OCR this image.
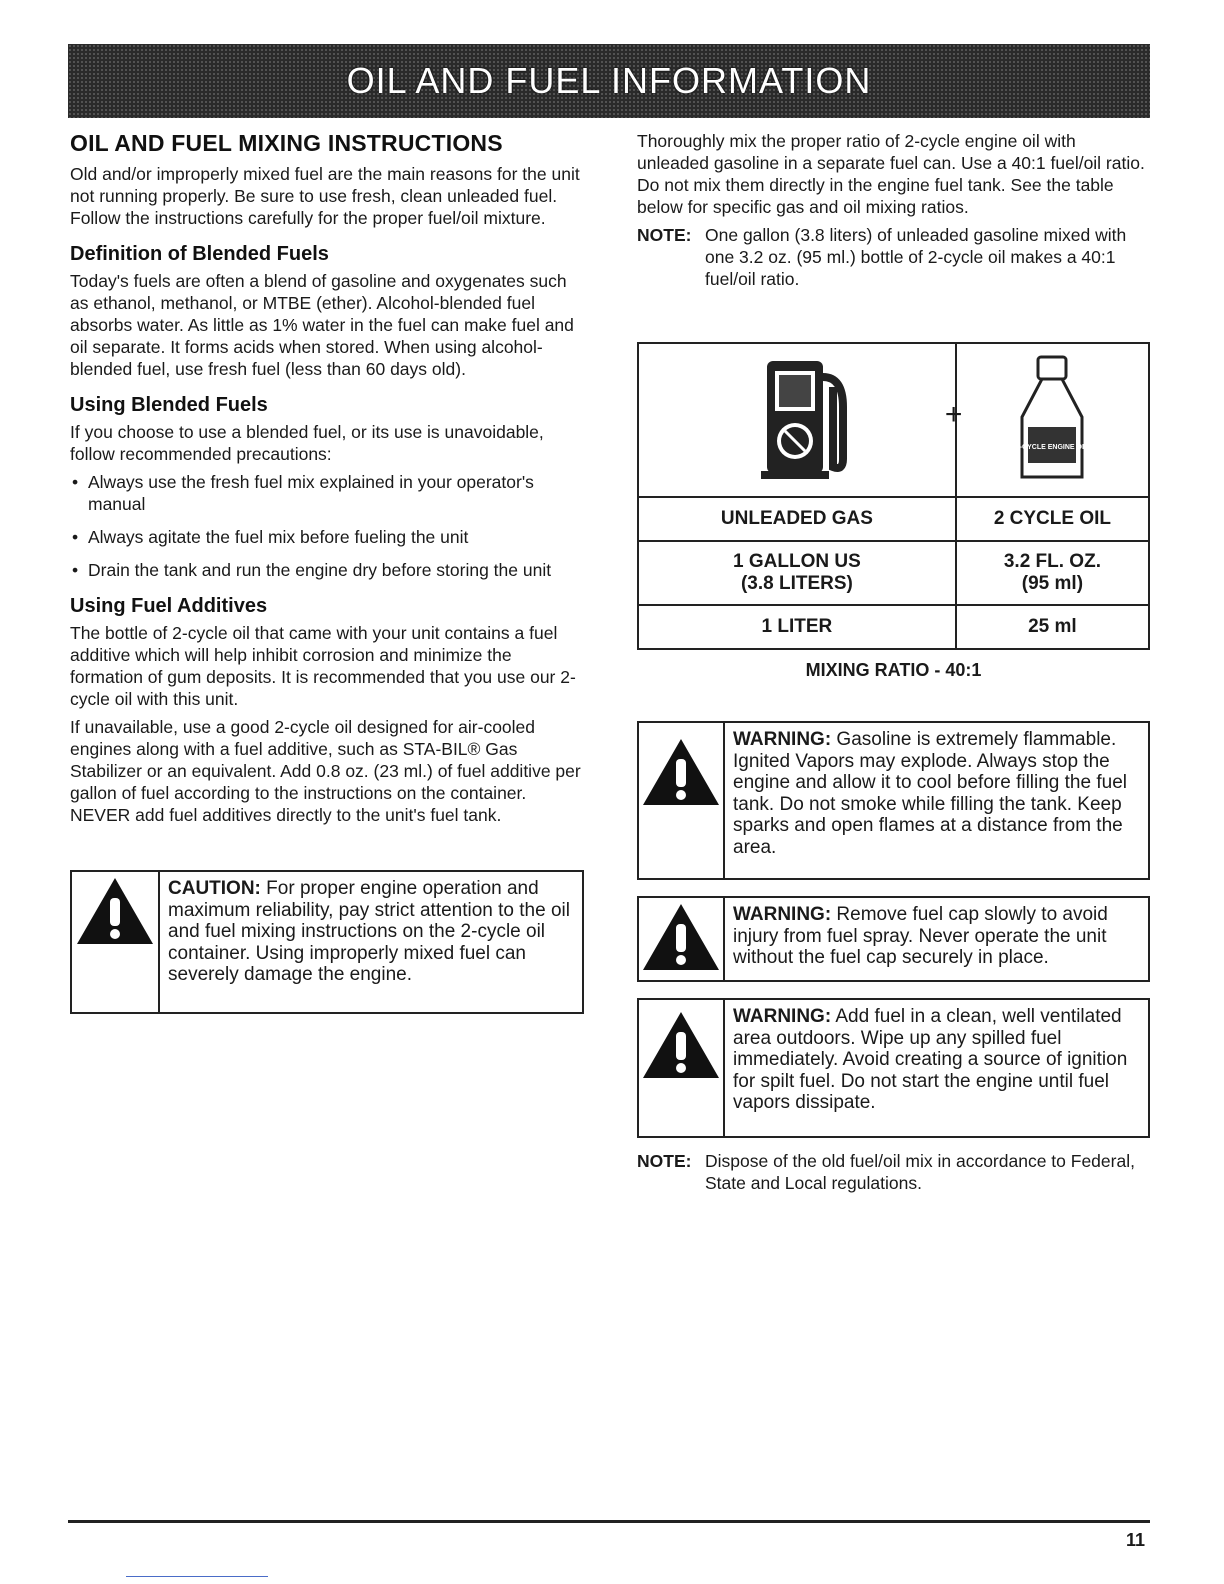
OIL AND FUEL INFORMATION
OIL AND FUEL MIXING INSTRUCTIONS

Old and/or improperly mixed fuel are the main reasons for the unit not running properly. Be sure to use fresh, clean unleaded fuel. Follow the instructions carefully for the proper fuel/oil mixture.

Definition of Blended Fuels

Today's fuels are often a blend of gasoline and oxygenates such as ethanol, methanol, or MTBE (ether). Alcohol-blended fuel absorbs water. As little as 1% water in the fuel can make fuel and oil separate. It forms acids when stored. When using alcohol-blended fuel, use fresh fuel (less than 60 days old).

Using Blended Fuels

If you choose to use a blended fuel, or its use is unavoidable, follow recommended precautions:

• Always use the fresh fuel mix explained in your operator's manual
• Always agitate the fuel mix before fueling the unit
• Drain the tank and run the engine dry before storing the unit
Using Fuel Additives

The bottle of 2-cycle oil that came with your unit contains a fuel additive which will help inhibit corrosion and minimize the formation of gum deposits. It is recommended that you use our 2-cycle oil with this unit.

If unavailable, use a good 2-cycle oil designed for air-cooled engines along with a fuel additive, such as STA-BIL® Gas Stabilizer or an equivalent. Add 0.8 oz. (23 ml.) of fuel additive per gallon of fuel according to the instructions on the container. NEVER add fuel additives directly to the unit's fuel tank.

CAUTION: For proper engine operation and maximum reliability, pay strict attention to the oil and fuel mixing instructions on the 2-cycle oil container. Using improperly mixed fuel can severely damage the engine.

Thoroughly mix the proper ratio of 2-cycle engine oil with unleaded gasoline in a separate fuel can. Use a 40:1 fuel/oil ratio. Do not mix them directly in the engine fuel tank. See the table below for specific gas and oil mixing ratios.

NOTE: One gallon (3.8 liters) of unleaded gasoline mixed with one 3.2 oz. (95 ml.) bottle of 2-cycle oil makes a 40:1 fuel/oil ratio.

2-CYCLE ENGINE OIL
+

UNLEADED GAS	2 CYCLE OIL
1 GALLON US
(3.8 LITERS)	3.2 FL. OZ.
(95 ml)
1 LITER	25 ml
MIXING RATIO - 40:1
WARNING: Gasoline is extremely flammable. Ignited Vapors may explode. Always stop the engine and allow it to cool before filling the fuel tank. Do not smoke while filling the tank. Keep sparks and open flames at a distance from the area.
WARNING: Remove fuel cap slowly to avoid injury from fuel spray. Never operate the unit without the fuel cap securely in place.
WARNING: Add fuel in a clean, well ventilated area outdoors. Wipe up any spilled fuel immediately. Avoid creating a source of ignition for spilt fuel. Do not start the engine until fuel vapors dissipate.
NOTE: Dispose of the old fuel/oil mix in accordance to Federal, State and Local regulations.
11
